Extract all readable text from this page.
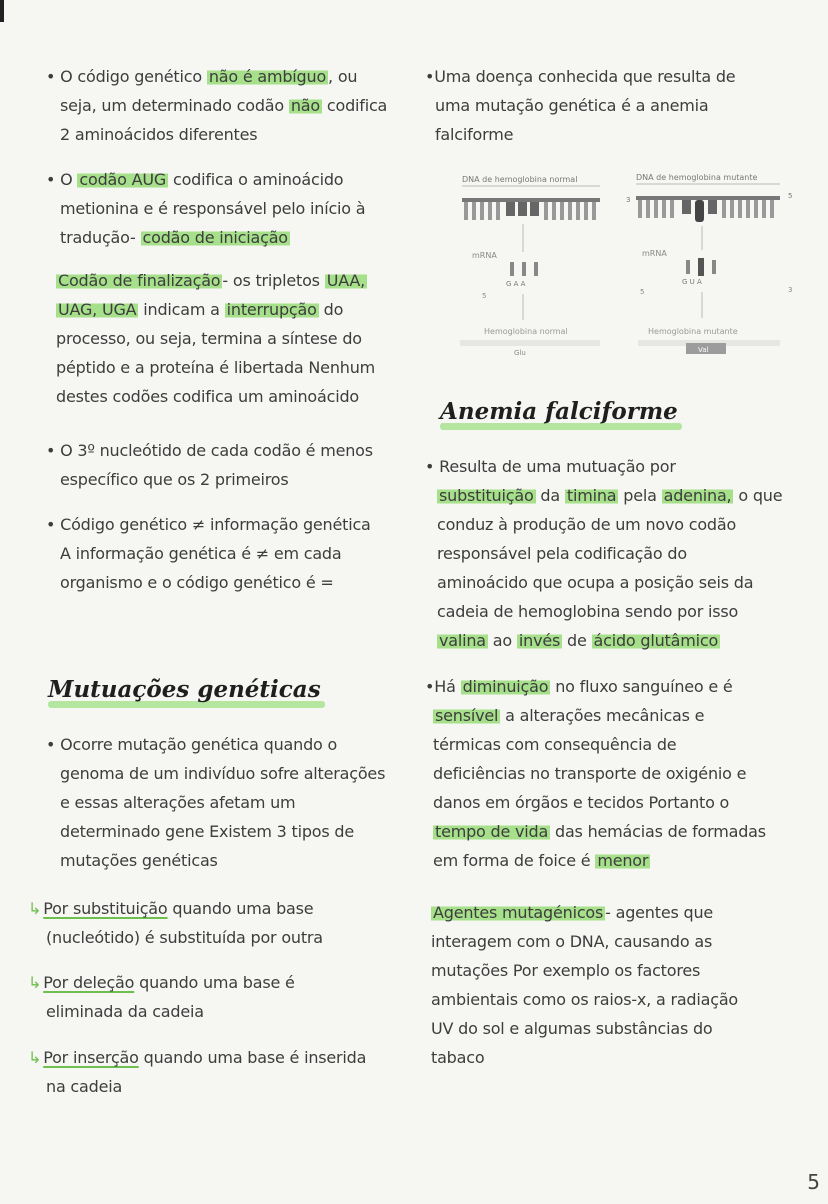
• O código genético não é ambíguo , ou
seja, um determinado codão não codifica
2 aminoácidos diferentes
• O codão AUG codifica o aminoácido
metionina e é responsável pelo início à
tradução- codão de iniciação
Codão de finalização - os tripletos UAA,
UAG, UGA indicam a interrupção do
processo, ou seja, termina a síntese do
péptido e a proteína é libertada Nenhum
destes codões codifica um aminoácido
• O 3º nucleótido de cada codão é menos
específico que os 2 primeiros
• Código genético ≠ informação genética
A informação genética é ≠ em cada
organismo e o código genético é =
Mutuações genéticas
• Ocorre mutação genética quando o
genoma de um indivíduo sofre alterações
e essas alterações afetam um
determinado gene Existem 3 tipos de
mutações genéticas
↳ Por substituição quando uma base
(nucleótido) é substituída por outra
↳ Por deleção quando uma base é
eliminada da cadeia
↳ Por inserção quando uma base é inserida
na cadeia
•Uma doença conhecida que resulta de
uma mutação genética é a anemia
falciforme
DNA de hemoglobina normal	DNA de hemoglobina mutante
3	5
mRNA	mRNA
G A A	G U A
5	5	3
Hemoglobina normal	Hemoglobina mutante
Glu	Val
Anemia falciforme
• Resulta de uma mutuação por
substituição da timina pela adenina, o que
conduz à produção de um novo codão
responsável pela codificação do
aminoácido que ocupa a posição seis da
cadeia de hemoglobina sendo por isso
valina ao invés de ácido glutâmico
•Há diminuição no fluxo sanguíneo e é
sensível a alterações mecânicas e
térmicas com consequência de
deficiências no transporte de oxigénio e
danos em órgãos e tecidos Portanto o
tempo de vida das hemácias de formadas
em forma de foice é menor
Agentes mutagénicos - agentes que
interagem com o DNA, causando as
mutações Por exemplo os factores
ambientais como os raios-x, a radiação
UV do sol e algumas substâncias do
tabaco
5
